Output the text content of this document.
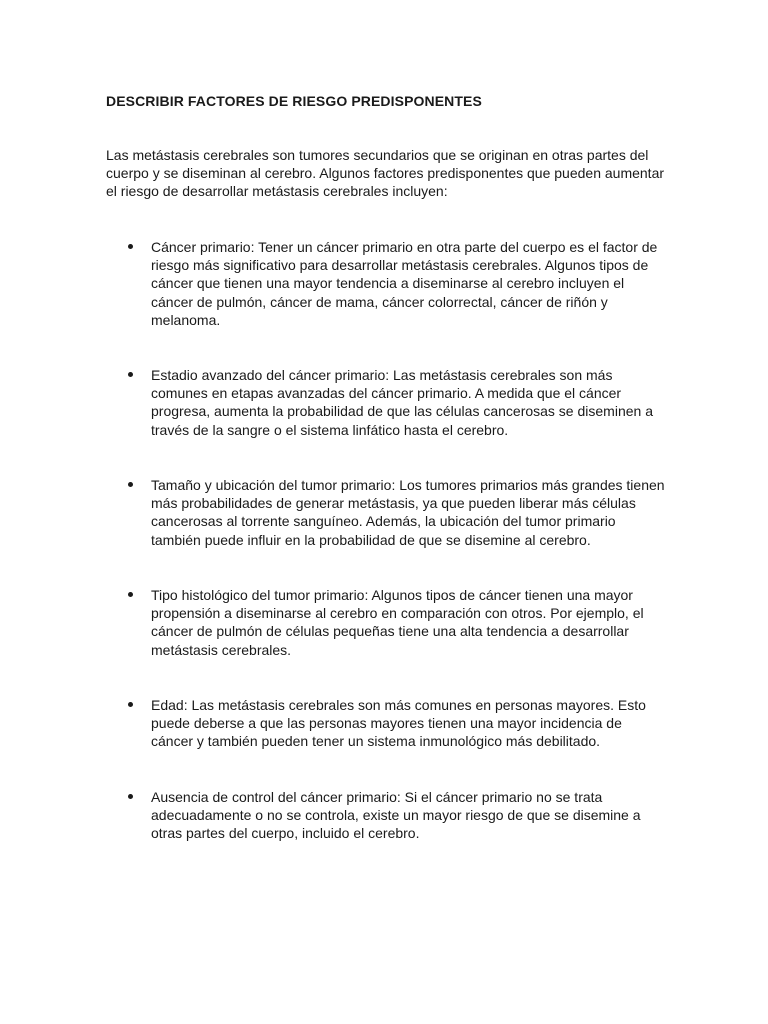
DESCRIBIR FACTORES DE RIESGO PREDISPONENTES

Las metástasis cerebrales son tumores secundarios que se originan en otras partes del cuerpo y se diseminan al cerebro. Algunos factores predisponentes que pueden aumentar el riesgo de desarrollar metástasis cerebrales incluyen:

Cáncer primario: Tener un cáncer primario en otra parte del cuerpo es el factor de riesgo más significativo para desarrollar metástasis cerebrales. Algunos tipos de cáncer que tienen una mayor tendencia a diseminarse al cerebro incluyen el cáncer de pulmón, cáncer de mama, cáncer colorrectal, cáncer de riñón y melanoma.

Estadio avanzado del cáncer primario: Las metástasis cerebrales son más comunes en etapas avanzadas del cáncer primario. A medida que el cáncer progresa, aumenta la probabilidad de que las células cancerosas se diseminen a través de la sangre o el sistema linfático hasta el cerebro.

Tamaño y ubicación del tumor primario: Los tumores primarios más grandes tienen más probabilidades de generar metástasis, ya que pueden liberar más células cancerosas al torrente sanguíneo. Además, la ubicación del tumor primario también puede influir en la probabilidad de que se disemine al cerebro.

Tipo histológico del tumor primario: Algunos tipos de cáncer tienen una mayor propensión a diseminarse al cerebro en comparación con otros. Por ejemplo, el cáncer de pulmón de células pequeñas tiene una alta tendencia a desarrollar metástasis cerebrales.

Edad: Las metástasis cerebrales son más comunes en personas mayores. Esto puede deberse a que las personas mayores tienen una mayor incidencia de cáncer y también pueden tener un sistema inmunológico más debilitado.

Ausencia de control del cáncer primario: Si el cáncer primario no se trata adecuadamente o no se controla, existe un mayor riesgo de que se disemine a otras partes del cuerpo, incluido el cerebro.
